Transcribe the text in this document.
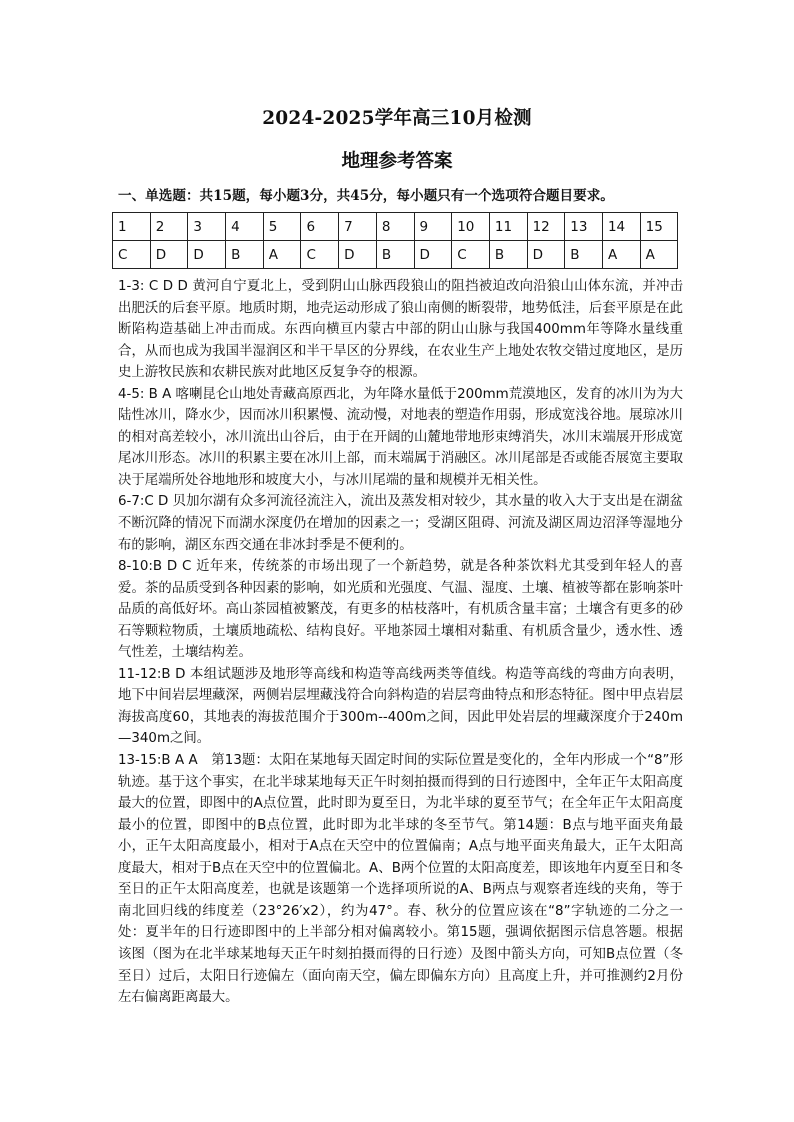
2024-2025学年高三10月检测
地理参考答案
一、单选题：共15题，每小题3分，共45分，每小题只有一个选项符合题目要求。
1	2	3	4	5	6	7	8	9	10	11	12	13	14	15
C	D	D	B	A	C	D	B	D	C	B	D	B	A	A

1-3: C D D 黄河自宁夏北上，受到阴山山脉西段狼山的阻挡被迫改向沿狼山山体东流，并冲击出肥沃的后套平原。地质时期，地壳运动形成了狼山南侧的断裂带，地势低洼，后套平原是在此断陷构造基础上冲击而成。东西向横亘内蒙古中部的阴山山脉与我国400mm年等降水量线重合，从而也成为我国半湿润区和半干旱区的分界线，在农业生产上地处农牧交错过度地区，是历史上游牧民族和农耕民族对此地区反复争夺的根源。

4-5: B A 喀喇昆仑山地处青藏高原西北，为年降水量低于200mm荒漠地区，发育的冰川为为大陆性冰川，降水少，因而冰川积累慢、流动慢，对地表的塑造作用弱，形成宽浅谷地。展琼冰川的相对高差较小，冰川流出山谷后，由于在开阔的山麓地带地形束缚消失，冰川末端展开形成宽尾冰川形态。冰川的积累主要在冰川上部，而末端属于消融区。冰川尾部是否或能否展宽主要取决于尾端所处谷地地形和坡度大小，与冰川尾端的量和规模并无相关性。

6-7:C D 贝加尔湖有众多河流径流注入，流出及蒸发相对较少，其水量的收入大于支出是在湖盆不断沉降的情况下而湖水深度仍在增加的因素之一；受湖区阻碍、河流及湖区周边沼泽等湿地分布的影响，湖区东西交通在非冰封季是不便利的。

8-10:B D C 近年来，传统茶的市场出现了一个新趋势，就是各种茶饮料尤其受到年轻人的喜爱。茶的品质受到各种因素的影响，如光质和光强度、气温、湿度、土壤、植被等都在影响茶叶品质的高低好坏。高山茶园植被繁茂，有更多的枯枝落叶，有机质含量丰富；土壤含有更多的砂石等颗粒物质，土壤质地疏松、结构良好。平地茶园土壤相对黏重、有机质含量少，透水性、透气性差，土壤结构差。

11-12:B D 本组试题涉及地形等高线和构造等高线两类等值线。构造等高线的弯曲方向表明，地下中间岩层埋藏深，两侧岩层埋藏浅符合向斜构造的岩层弯曲特点和形态特征。图中甲点岩层海拔高度60，其地表的海拔范围介于300m--400m之间，因此甲处岩层的埋藏深度介于240m—340m之间。

13-15:B A A　第13题：太阳在某地每天固定时间的实际位置是变化的，全年内形成一个“8”形轨迹。基于这个事实，在北半球某地每天正午时刻拍摄而得到的日行迹图中，全年正午太阳高度最大的位置，即图中的A点位置，此时即为夏至日，为北半球的夏至节气；在全年正午太阳高度最小的位置，即图中的B点位置，此时即为北半球的冬至节气。第14题：B点与地平面夹角最小，正午太阳高度最小，相对于A点在天空中的位置偏南；A点与地平面夹角最大，正午太阳高度最大，相对于B点在天空中的位置偏北。A、B两个位置的太阳高度差，即该地年内夏至日和冬至日的正午太阳高度差，也就是该题第一个选择项所说的A、B两点与观察者连线的夹角，等于南北回归线的纬度差（23°26′x2），约为47°。春、秋分的位置应该在“8”字轨迹的二分之一处：夏半年的日行迹即图中的上半部分相对偏离较小。第15题，强调依据图示信息答题。根据该图（图为在北半球某地每天正午时刻拍摄而得的日行迹）及图中箭头方向，可知B点位置（冬至日）过后，太阳日行迹偏左（面向南天空，偏左即偏东方向）且高度上升，并可推测约2月份左右偏离距离最大。
